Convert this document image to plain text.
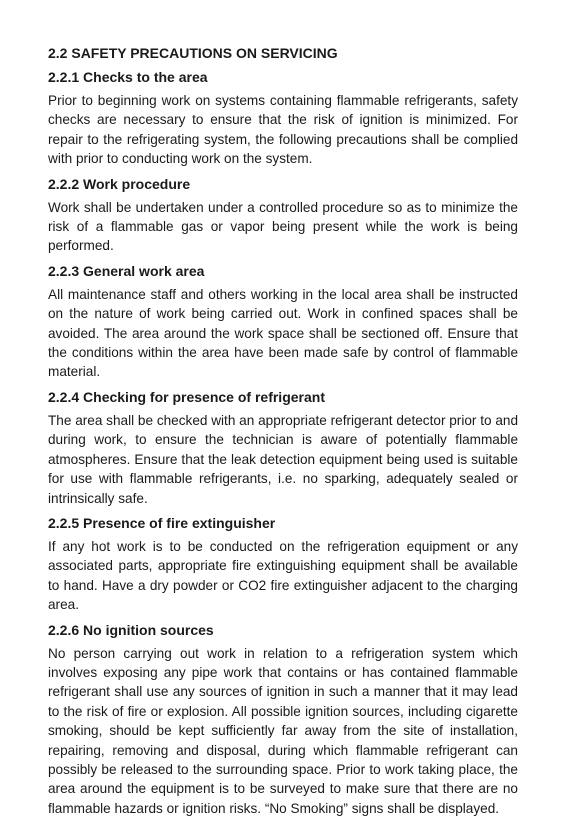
2.2 SAFETY PRECAUTIONS ON SERVICING
2.2.1 Checks to the area
Prior to beginning work on systems containing flammable refrigerants, safety checks are necessary to ensure that the risk of ignition is minimized. For repair to the refrigerating system, the following precautions shall be complied with prior to conducting work on the system.
2.2.2 Work procedure
Work shall be undertaken under a controlled procedure so as to minimize the risk of a flammable gas or vapor being present while the work is being performed.
2.2.3 General work area
All maintenance staff and others working in the local area shall be instructed on the nature of work being carried out. Work in confined spaces shall be avoided. The area around the work space shall be sectioned off. Ensure that the conditions within the area have been made safe by control of flammable material.
2.2.4 Checking for presence of refrigerant
The area shall be checked with an appropriate refrigerant detector prior to and during work, to ensure the technician is aware of potentially flammable atmospheres. Ensure that the leak detection equipment being used is suitable for use with flammable refrigerants, i.e. no sparking, adequately sealed or intrinsically safe.
2.2.5 Presence of fire extinguisher
If any hot work is to be conducted on the refrigeration equipment or any associated parts, appropriate fire extinguishing equipment shall be available to hand. Have a dry powder or CO2 fire extinguisher adjacent to the charging area.
2.2.6 No ignition sources
No person carrying out work in relation to a refrigeration system which involves exposing any pipe work that contains or has contained flammable refrigerant shall use any sources of ignition in such a manner that it may lead to the risk of fire or explosion. All possible ignition sources, including cigarette smoking, should be kept sufficiently far away from the site of installation, repairing, removing and disposal, during which flammable refrigerant can possibly be released to the surrounding space. Prior to work taking place, the area around the equipment is to be surveyed to make sure that there are no flammable hazards or ignition risks. “No Smoking” signs shall be displayed.
